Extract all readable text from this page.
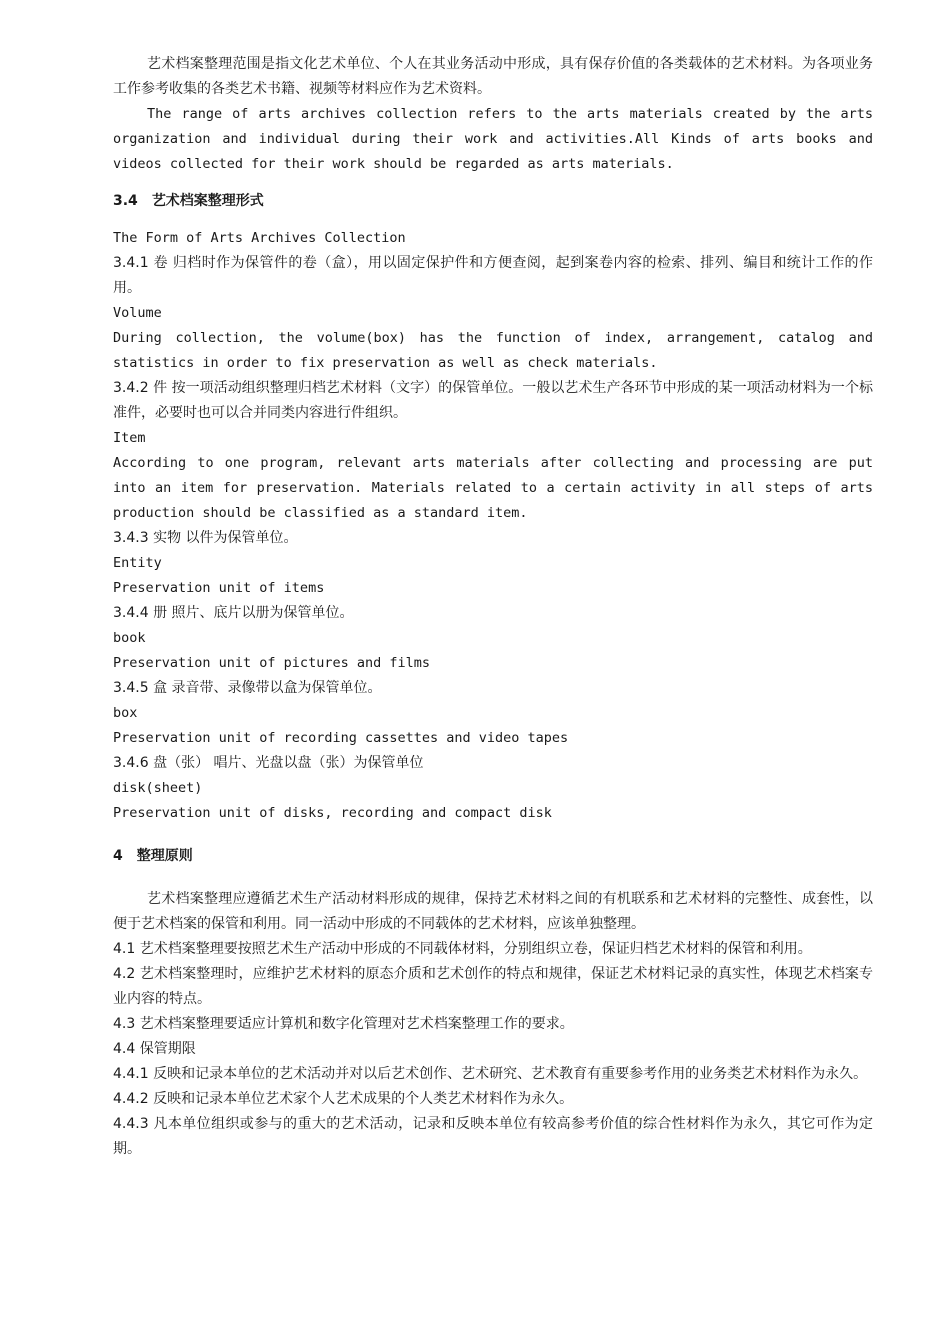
艺术档案整理范围是指文化艺术单位、个人在其业务活动中形成，具有保存价值的各类载体的艺术材料。为各项业务工作参考收集的各类艺术书籍、视频等材料应作为艺术资料。

The range of arts archives collection refers to the arts materials created by the arts organization and individual during their work and activities.All Kinds of arts books and videos collected for their work should be regarded as arts materials.

3.4 艺术档案整理形式

The Form of Arts Archives Collection

3.4.1 卷 归档时作为保管件的卷（盒），用以固定保护件和方便查阅，起到案卷内容的检索、排列、编目和统计工作的作用。

Volume

During collection, the volume(box) has the function of index, arrangement, catalog and statistics in order to fix preservation as well as check materials.

3.4.2 件 按一项活动组织整理归档艺术材料（文字）的保管单位。一般以艺术生产各环节中形成的某一项活动材料为一个标准件，必要时也可以合并同类内容进行件组织。

Item

According to one program, relevant arts materials after collecting and processing are put into an item for preservation. Materials related to a certain activity in all steps of arts production should be classified as a standard item.

3.4.3 实物 以件为保管单位。

Entity

Preservation unit of items

3.4.4 册 照片、底片以册为保管单位。

book

Preservation unit of pictures and films

3.4.5 盒 录音带、录像带以盒为保管单位。

box

Preservation unit of recording cassettes and video tapes

3.4.6 盘（张） 唱片、光盘以盘（张）为保管单位

disk(sheet)

Preservation unit of disks, recording and compact disk

4 整理原则

艺术档案整理应遵循艺术生产活动材料形成的规律，保持艺术材料之间的有机联系和艺术材料的完整性、成套性，以便于艺术档案的保管和利用。同一活动中形成的不同载体的艺术材料，应该单独整理。

4.1 艺术档案整理要按照艺术生产活动中形成的不同载体材料，分别组织立卷，保证归档艺术材料的保管和利用。

4.2 艺术档案整理时，应维护艺术材料的原态介质和艺术创作的特点和规律，保证艺术材料记录的真实性，体现艺术档案专业内容的特点。

4.3 艺术档案整理要适应计算机和数字化管理对艺术档案整理工作的要求。

4.4 保管期限

4.4.1 反映和记录本单位的艺术活动并对以后艺术创作、艺术研究、艺术教育有重要参考作用的业务类艺术材料作为永久。

4.4.2 反映和记录本单位艺术家个人艺术成果的个人类艺术材料作为永久。

4.4.3 凡本单位组织或参与的重大的艺术活动，记录和反映本单位有较高参考价值的综合性材料作为永久，其它可作为定期。
